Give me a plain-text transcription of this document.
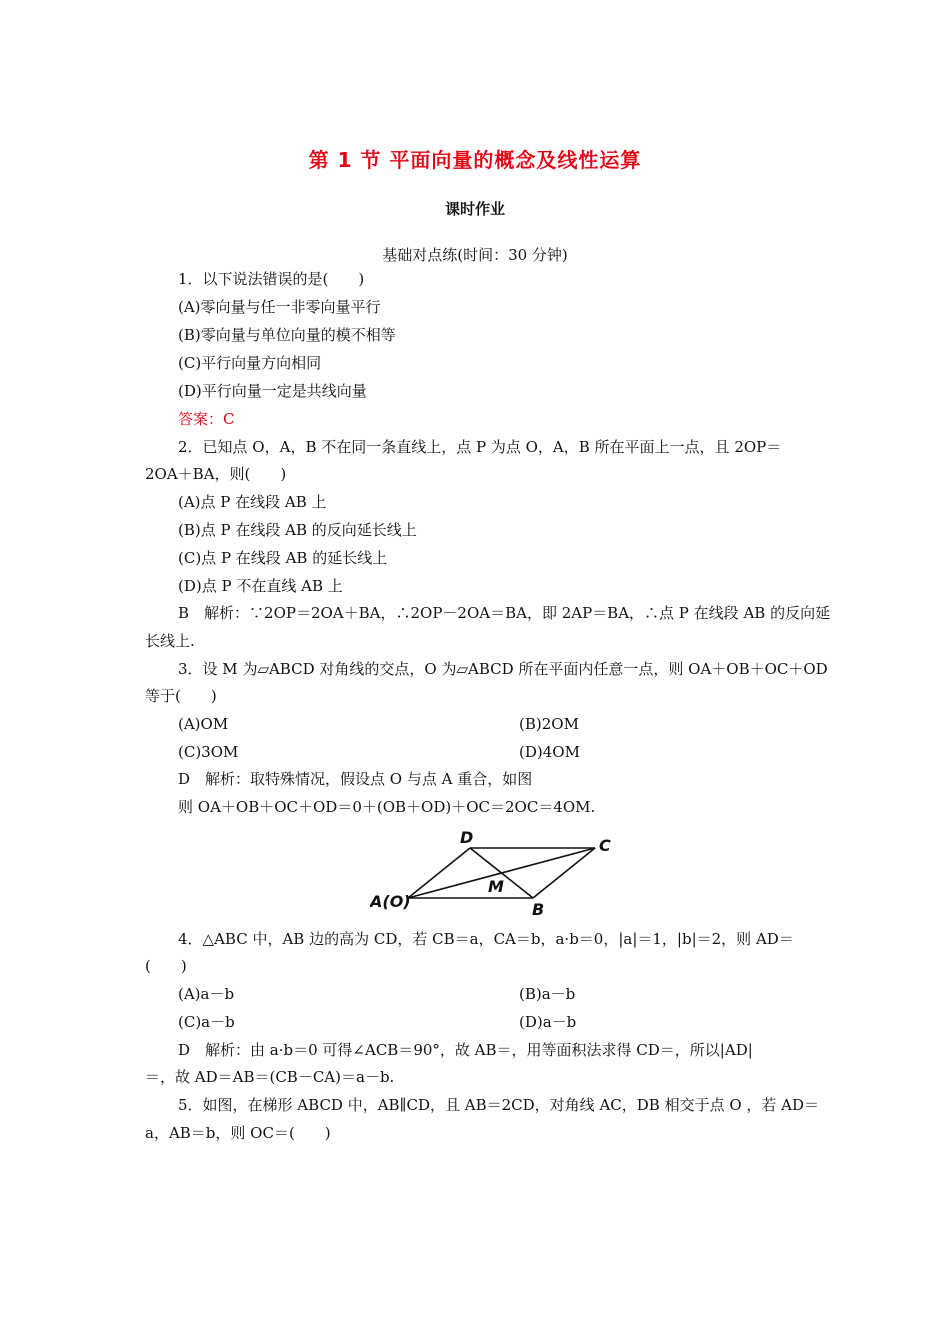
第 1 节 平面向量的概念及线性运算
课时作业
基础对点练(时间：30 分钟)
1．以下说法错误的是(　　)
(A)零向量与任一非零向量平行
(B)零向量与单位向量的模不相等
(C)平行向量方向相同
(D)平行向量一定是共线向量
答案：C
2．已知点 O，A，B 不在同一条直线上，点 P 为点 O，A，B 所在平面上一点，且 2OP＝
2OA＋BA，则(　　)
(A)点 P 在线段 AB 上
(B)点 P 在线段 AB 的反向延长线上
(C)点 P 在线段 AB 的延长线上
(D)点 P 不在直线 AB 上
B　解析：∵2OP＝2OA＋BA，∴2OP－2OA＝BA，即 2AP＝BA，∴点 P 在线段 AB 的反向延
长线上.
3．设 M 为▱ABCD 对角线的交点，O 为▱ABCD 所在平面内任意一点，则 OA＋OB＋OC＋OD
等于(　　)
(A)OM	(B)2OM
(C)3OM	(D)4OM
D　解析：取特殊情况，假设点 O 与点 A 重合，如图
则 OA＋OB＋OC＋OD＝0＋(OB＋OD)＋OC＝2OC＝4OM.
4．△ABC 中，AB 边的高为 CD，若 CB＝a，CA＝b，a·b＝0，|a|＝1，|b|＝2，则 AD＝
(　　)
(A)a－b	(B)a－b
(C)a－b	(D)a－b
D　解析：由 a·b＝0 可得∠ACB＝90°，故 AB＝，用等面积法求得 CD＝，所以|AD|
＝，故 AD＝AB＝(CB－CA)＝a－b.
5．如图，在梯形 ABCD 中，AB∥CD，且 AB＝2CD，对角线 AC，DB 相交于点 O ，若 AD＝
a，AB＝b，则 OC＝(　　)
D	C
A(O)
M
B
